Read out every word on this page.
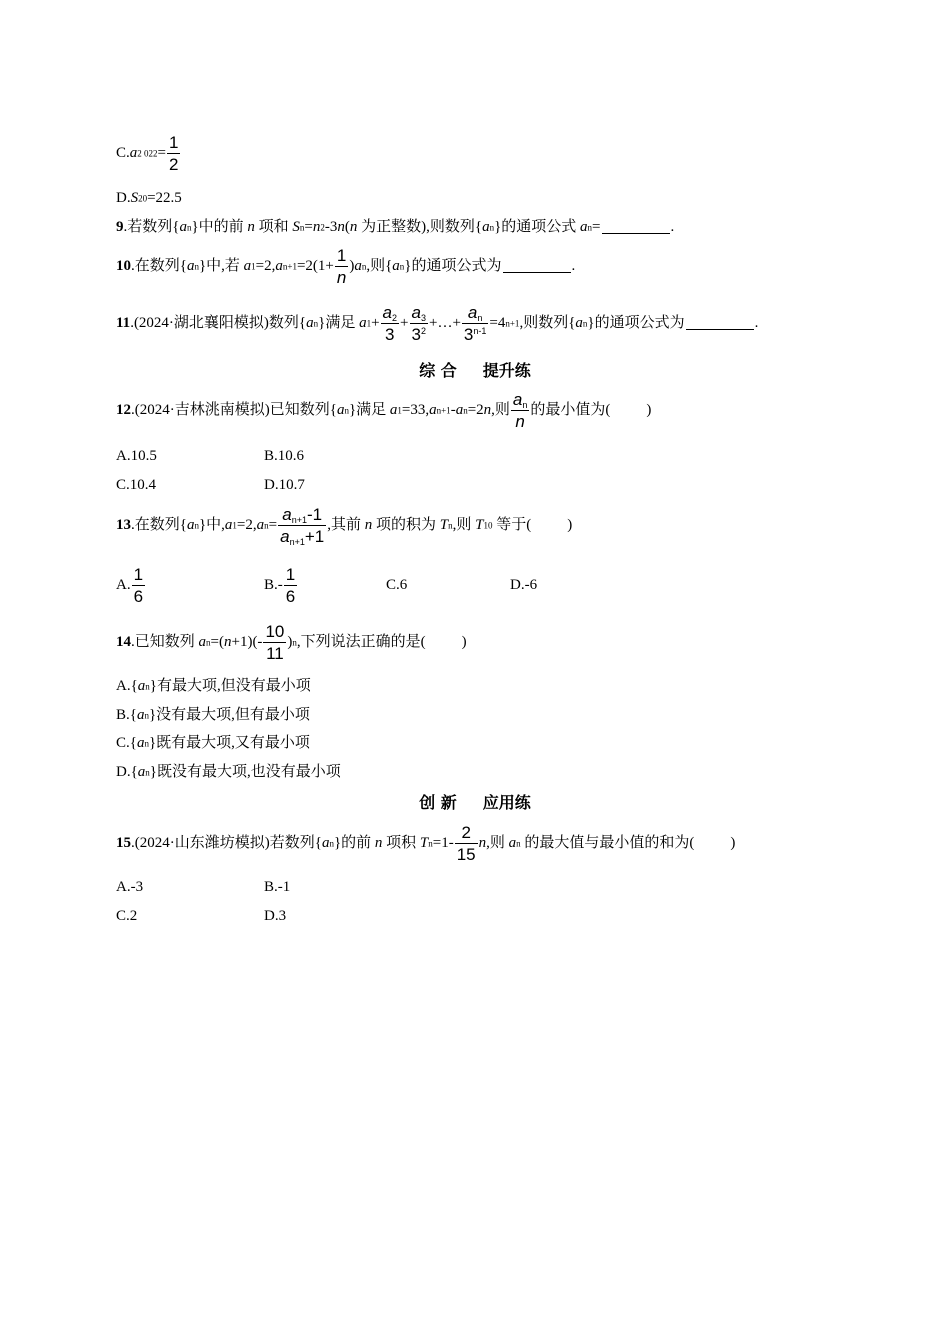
C.a2 $022= \frac{1}{2}$
D.S20=22.5
9.若数列{an}中的前 n 项和 Sn=n2-3n(n 为正整数),则数列{an}的通项公式 an=	.
10.在数列{an}中,若 $a1=2,an+1=2(1+ \frac{1}{n} )an$,则{an}的通项公式为	.
11.(2024·湖北襄阳模拟)数列{an}满足 $a1+ \frac{a_2}{3} + \frac{a_3}{3^2}$ +…+ $\frac{a_n}{3^{n-1}} =4n+1$,则数列{an}的通项公式为	.
综 合 提升练
12.(2024·吉林洮南模拟)已知数列{an}满足 a1=33,an+1-an=2n,则 $\frac{a_n}{n}$ 的最小值为( )
A.10.5	B.10.6
C.10.4	D.10.7
13.在数列{an}中$,a1=2,an= \frac{a_{n+1}-1}{a_{n+1}+1}$ ,其前 n 项的积为 Tn,则 T10 等于( )
A. $\frac{1}{6}$	$B.- \frac{1}{6}$	C.6	D.-6
14.已知数列 $an=(n+1)(- \frac{10}{11} )n$,下列说法正确的是( )
A.{an}有最大项,但没有最小项
B.{an}没有最大项,但有最小项
C.{an}既有最大项,又有最小项
D.{an}既没有最大项,也没有最小项
创 新 应用练
15.(2024·山东潍坊模拟)若数列{an}的前 n 项积 $Tn=1- \frac{2}{15} n$,则 an 的最大值与最小值的和为( )
A.-3	B.-1
C.2	D.3
